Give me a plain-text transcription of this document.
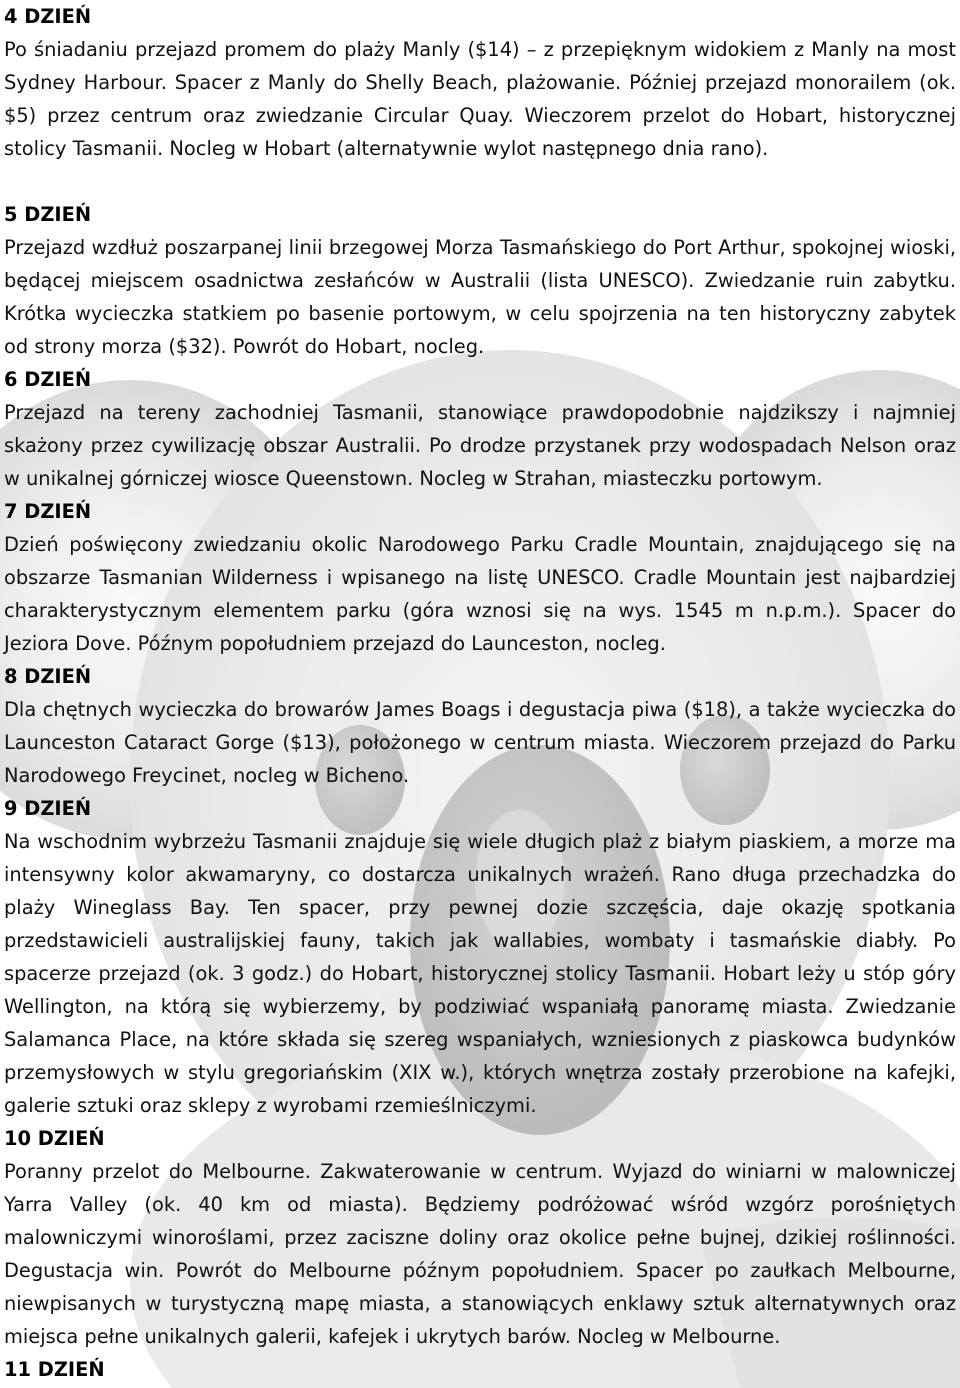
4 DZIEŃ
Po śniadaniu przejazd promem do plaży Manly ($14) – z przepięknym widokiem z Manly na most Sydney Harbour. Spacer z Manly do Shelly Beach, plażowanie. Później przejazd monorailem (ok. $5) przez centrum oraz zwiedzanie Circular Quay. Wieczorem przelot do Hobart, historycznej stolicy Tasmanii. Nocleg w Hobart (alternatywnie wylot następnego dnia rano).
5 DZIEŃ
Przejazd wzdłuż poszarpanej linii brzegowej Morza Tasmańskiego do Port Arthur, spokojnej wioski, będącej miejscem osadnictwa zesłańców w Australii (lista UNESCO). Zwiedzanie ruin zabytku. Krótka wycieczka statkiem po basenie portowym, w celu spojrzenia na ten historyczny zabytek od strony morza ($32). Powrót do Hobart, nocleg.
6 DZIEŃ
Przejazd na tereny zachodniej Tasmanii, stanowiące prawdopodobnie najdzikszy i najmniej skażony przez cywilizację obszar Australii. Po drodze przystanek przy wodospadach Nelson oraz w unikalnej górniczej wiosce Queenstown. Nocleg w Strahan, miasteczku portowym.
7 DZIEŃ
Dzień poświęcony zwiedzaniu okolic Narodowego Parku Cradle Mountain, znajdującego się na obszarze Tasmanian Wilderness i wpisanego na listę UNESCO. Cradle Mountain jest najbardziej charakterystycznym elementem parku (góra wznosi się na wys. 1545 m n.p.m.). Spacer do Jeziora Dove. Późnym popołudniem przejazd do Launceston, nocleg.
8 DZIEŃ
Dla chętnych wycieczka do browarów James Boags i degustacja piwa ($18), a także wycieczka do Launceston Cataract Gorge ($13), położonego w centrum miasta. Wieczorem przejazd do Parku Narodowego Freycinet, nocleg w Bicheno.
9 DZIEŃ
Na wschodnim wybrzeżu Tasmanii znajduje się wiele długich plaż z białym piaskiem, a morze ma intensywny kolor akwamaryny, co dostarcza unikalnych wrażeń. Rano długa przechadzka do plaży Wineglass Bay. Ten spacer, przy pewnej dozie szczęścia, daje okazję spotkania przedstawicieli australijskiej fauny, takich jak wallabies, wombaty i tasmańskie diabły. Po spacerze przejazd (ok. 3 godz.) do Hobart, historycznej stolicy Tasmanii. Hobart leży u stóp góry Wellington, na którą się wybierzemy, by podziwiać wspaniałą panoramę miasta. Zwiedzanie Salamanca Place, na które składa się szereg wspaniałych, wzniesionych z piaskowca budynków przemysłowych w stylu gregoriańskim (XIX w.), których wnętrza zostały przerobione na kafejki, galerie sztuki oraz sklepy z wyrobami rzemieślniczymi.
10 DZIEŃ
Poranny przelot do Melbourne. Zakwaterowanie w centrum. Wyjazd do winiarni w malowniczej Yarra Valley (ok. 40 km od miasta). Będziemy podróżować wśród wzgórz porośniętych malowniczymi winoroślami, przez zaciszne doliny oraz okolice pełne bujnej, dzikiej roślinności. Degustacja win. Powrót do Melbourne późnym popołudniem. Spacer po zaułkach Melbourne, niewpisanych w turystyczną mapę miasta, a stanowiących enklawy sztuk alternatywnych oraz miejsca pełne unikalnych galerii, kafejek i ukrytych barów. Nocleg w Melbourne.
11 DZIEŃ
